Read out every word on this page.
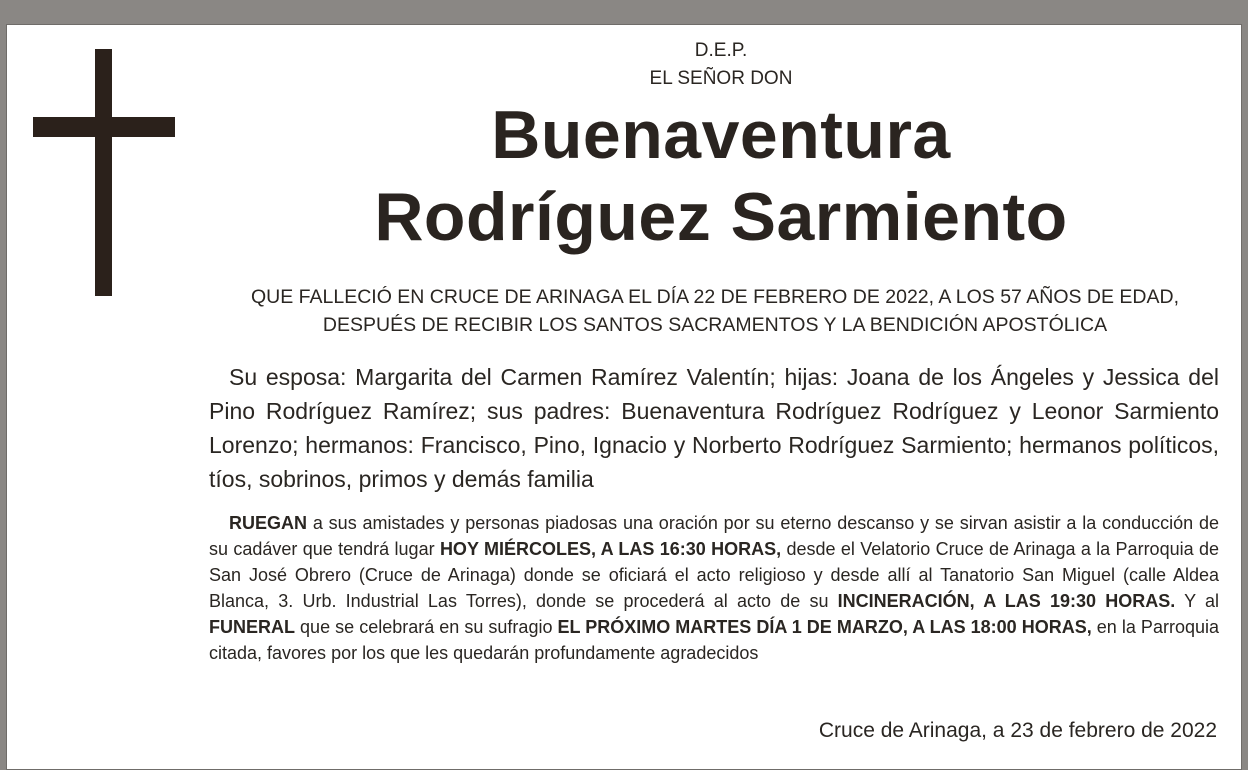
D.E.P.
EL SEÑOR DON
Buenaventura
Rodríguez Sarmiento
QUE FALLECIÓ EN CRUCE DE ARINAGA EL DÍA 22 DE FEBRERO DE 2022, A LOS 57 AÑOS DE EDAD, DESPUÉS DE RECIBIR LOS SANTOS SACRAMENTOS Y LA BENDICIÓN APOSTÓLICA
Su esposa: Margarita del Carmen Ramírez Valentín; hijas: Joana de los Ángeles y Jessica del Pino Rodríguez Ramírez; sus padres: Buenaventura Rodríguez Rodríguez y Leonor Sarmiento Lorenzo; hermanos: Francisco, Pino, Ignacio y Norberto Rodríguez Sarmiento; hermanos políticos, tíos, sobrinos, primos y demás familia
RUEGAN a sus amistades y personas piadosas una oración por su eterno descanso y se sirvan asistir a la conducción de su cadáver que tendrá lugar HOY MIÉRCOLES, A LAS 16:30 HORAS, desde el Velatorio Cruce de Arinaga a la Parroquia de San José Obrero (Cruce de Arinaga) donde se oficiará el acto religioso y desde allí al Tanatorio San Miguel (calle Aldea Blanca, 3. Urb. Industrial Las Torres), donde se procederá al acto de su INCINERACIÓN, A LAS 19:30 HORAS. Y al FUNERAL que se celebrará en su sufragio EL PRÓXIMO MARTES DÍA 1 DE MARZO, A LAS 18:00 HORAS, en la Parroquia citada, favores por los que les quedarán profundamente agradecidos
Cruce de Arinaga, a 23 de febrero de 2022
